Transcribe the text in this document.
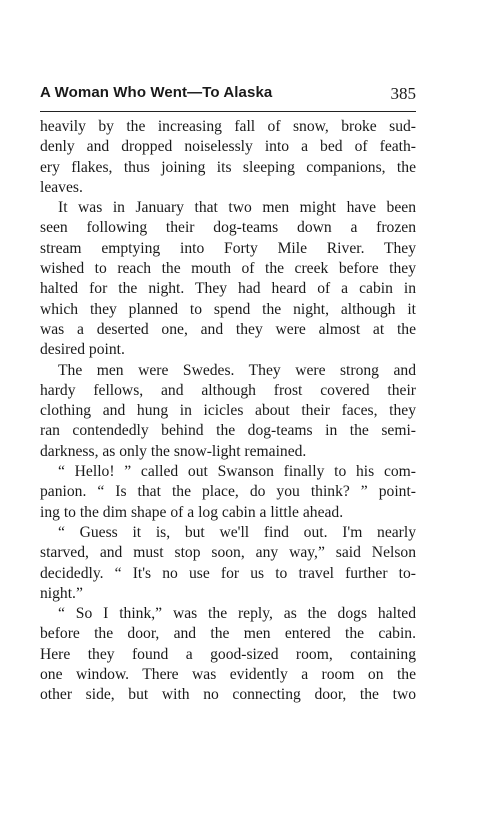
A Woman Who Went—To Alaska	385
heavily by the increasing fall of snow, broke sud-
denly and dropped noiselessly into a bed of feath-
ery flakes, thus joining its sleeping companions, the
leaves.
It was in January that two men might have been
seen following their dog-teams down a frozen
stream emptying into Forty Mile River. They
wished to reach the mouth of the creek before they
halted for the night. They had heard of a cabin in
which they planned to spend the night, although it
was a deserted one, and they were almost at the
desired point.
The men were Swedes. They were strong and
hardy fellows, and although frost covered their
clothing and hung in icicles about their faces, they
ran contendedly behind the dog-teams in the semi-
darkness, as only the snow-light remained.
“ Hello! ” called out Swanson finally to his com-
panion. “ Is that the place, do you think? ” point-
ing to the dim shape of a log cabin a little ahead.
“ Guess it is, but we'll find out. I'm nearly
starved, and must stop soon, any way,” said Nelson
decidedly. “ It's no use for us to travel further to-
night.”
“ So I think,” was the reply, as the dogs halted
before the door, and the men entered the cabin.
Here they found a good-sized room, containing
one window. There was evidently a room on the
other side, but with no connecting door, the two
